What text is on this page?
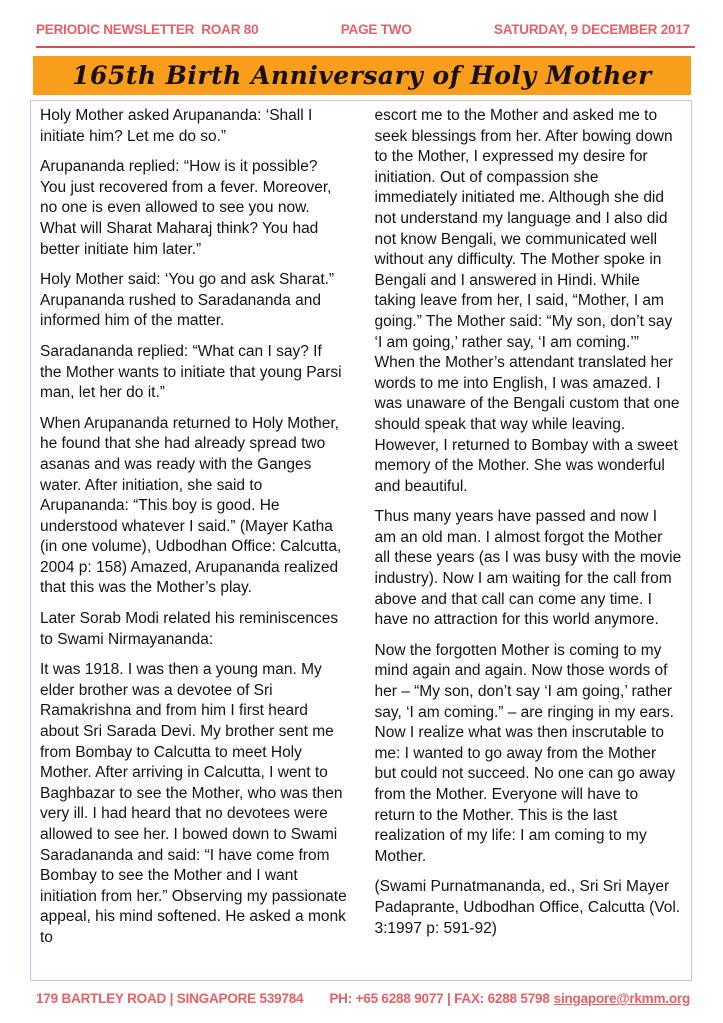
PERIODIC NEWSLETTER  ROAR 80	PAGE TWO	SATURDAY, 9 DECEMBER 2017
165th Birth Anniversary of Holy Mother

Holy Mother asked Arupananda: ‘Shall I initiate him? Let me do so.”

Arupananda replied: “How is it possible? You just recovered from a fever. Moreover, no one is even allowed to see you now. What will Sharat Maharaj think? You had better initiate him later.”

Holy Mother said: ‘You go and ask Sharat.” Arupananda rushed to Saradananda and informed him of the matter.

Saradananda replied: “What can I say? If the Mother wants to initiate that young Parsi man, let her do it.”

When Arupananda returned to Holy Mother, he found that she had already spread two asanas and was ready with the Ganges water. After initiation, she said to Arupananda: “This boy is good. He understood whatever I said.” (Mayer Katha (in one volume), Udbodhan Office: Calcutta, 2004 p: 158) Amazed, Arupananda realized that this was the Mother’s play.

Later Sorab Modi related his reminiscences to Swami Nirmayananda:

It was 1918. I was then a young man. My elder brother was a devotee of Sri Ramakrishna and from him I first heard about Sri Sarada Devi. My brother sent me from Bombay to Calcutta to meet Holy Mother. After arriving in Calcutta, I went to Baghbazar to see the Mother, who was then very ill. I had heard that no devotees were allowed to see her. I bowed down to Swami Saradananda and said: “I have come from Bombay to see the Mother and I want initiation from her.” Observing my passionate appeal, his mind softened. He asked a monk to

escort me to the Mother and asked me to seek blessings from her. After bowing down to the Mother, I expressed my desire for initiation. Out of compassion she immediately initiated me. Although she did not understand my language and I also did not know Bengali, we communicated well without any difficulty. The Mother spoke in Bengali and I answered in Hindi. While taking leave from her, I said, “Mother, I am going.” The Mother said: “My son, don’t say ‘I am going,’ rather say, ‘I am coming.’” When the Mother’s attendant translated her words to me into English, I was amazed. I was unaware of the Bengali custom that one should speak that way while leaving. However, I returned to Bombay with a sweet memory of the Mother. She was wonderful and beautiful.

Thus many years have passed and now I am an old man. I almost forgot the Mother all these years (as I was busy with the movie industry). Now I am waiting for the call from above and that call can come any time. I have no attraction for this world anymore.

Now the forgotten Mother is coming to my mind again and again. Now those words of her – “My son, don’t say ‘I am going,’ rather say, ‘I am coming.” – are ringing in my ears. Now I realize what was then inscrutable to me: I wanted to go away from the Mother but could not succeed. No one can go away from the Mother. Everyone will have to return to the Mother. This is the last realization of my life: I am coming to my Mother.

(Swami Purnatmananda, ed., Sri Sri Mayer Padaprante, Udbodhan Office, Calcutta (Vol. 3:1997 p: 591-92)

179 BARTLEY ROAD | SINGAPORE 539784 PH: +65 6288 9077 | FAX: 6288 5798 singapore@rkmm.org
